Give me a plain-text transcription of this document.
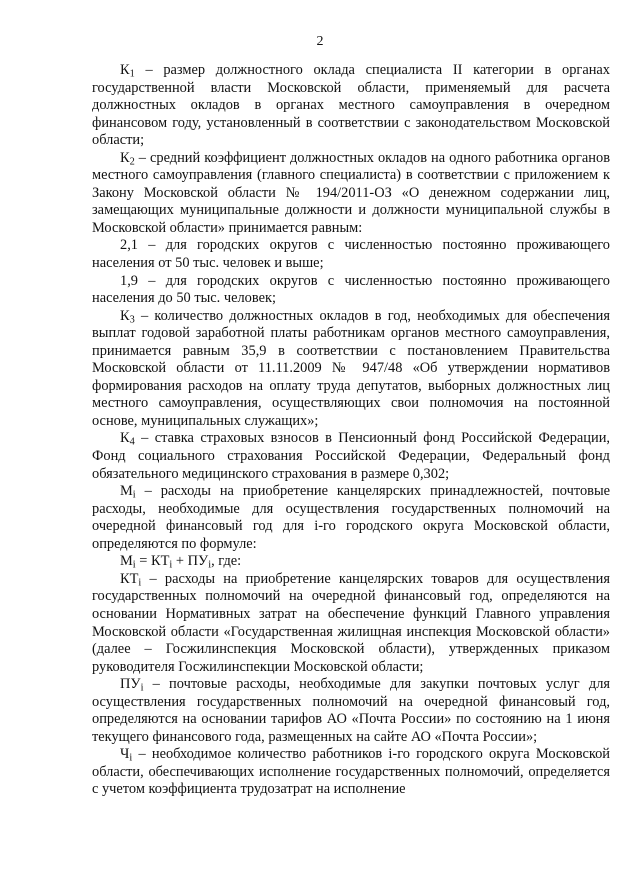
2

$К_1$ – размер должностного оклада специалиста II категории в органах государственной власти Московской области, применяемый для расчета должностных окладов в органах местного самоуправления в очередном финансовом году, установленный в соответствии с законодательством Московской области;

$К_2$ – средний коэффициент должностных окладов на одного работника органов местного самоуправления (главного специалиста) в соответствии с приложением к Закону Московской области № 194/2011-ОЗ «О денежном содержании лиц, замещающих муниципальные должности и должности муниципальной службы в Московской области» принимается равным:

2,1 – для городских округов с численностью постоянно проживающего населения от 50 тыс. человек и выше;

1,9 – для городских округов с численностью постоянно проживающего населения до 50 тыс. человек;

$К_3$ – количество должностных окладов в год, необходимых для обеспечения выплат годовой заработной платы работникам органов местного самоуправления, принимается равным 35,9 в соответствии с постановлением Правительства Московской области от 11.11.2009 № 947/48 «Об утверждении нормативов формирования расходов на оплату труда депутатов, выборных должностных лиц местного самоуправления, осуществляющих свои полномочия на постоянной основе, муниципальных служащих»;

$К_4$ – ставка страховых взносов в Пенсионный фонд Российской Федерации, Фонд социального страхования Российской Федерации, Федеральный фонд обязательного медицинского страхования в размере 0,302;

$М_i$ – расходы на приобретение канцелярских принадлежностей, почтовые расходы, необходимые для осуществления государственных полномочий на очередной финансовый год для i-го городского округа Московской области, определяются по формуле:

$М_i = КТ_i + ПУ_i$, где:

$КТ_i$ – расходы на приобретение канцелярских товаров для осуществления государственных полномочий на очередной финансовый год, определяются на основании Нормативных затрат на обеспечение функций Главного управления Московской области «Государственная жилищная инспекция Московской области» (далее – Госжилинспекция Московской области), утвержденных приказом руководителя Госжилинспекции Московской области;

$ПУ_i$ – почтовые расходы, необходимые для закупки почтовых услуг для осуществления государственных полномочий на очередной финансовый год, определяются на основании тарифов АО «Почта России» по состоянию на 1 июня текущего финансового года, размещенных на сайте АО «Почта России»;

$Ч_i$ – необходимое количество работников i-го городского округа Московской области, обеспечивающих исполнение государственных полномочий, определяется с учетом коэффициента трудозатрат на исполнение
